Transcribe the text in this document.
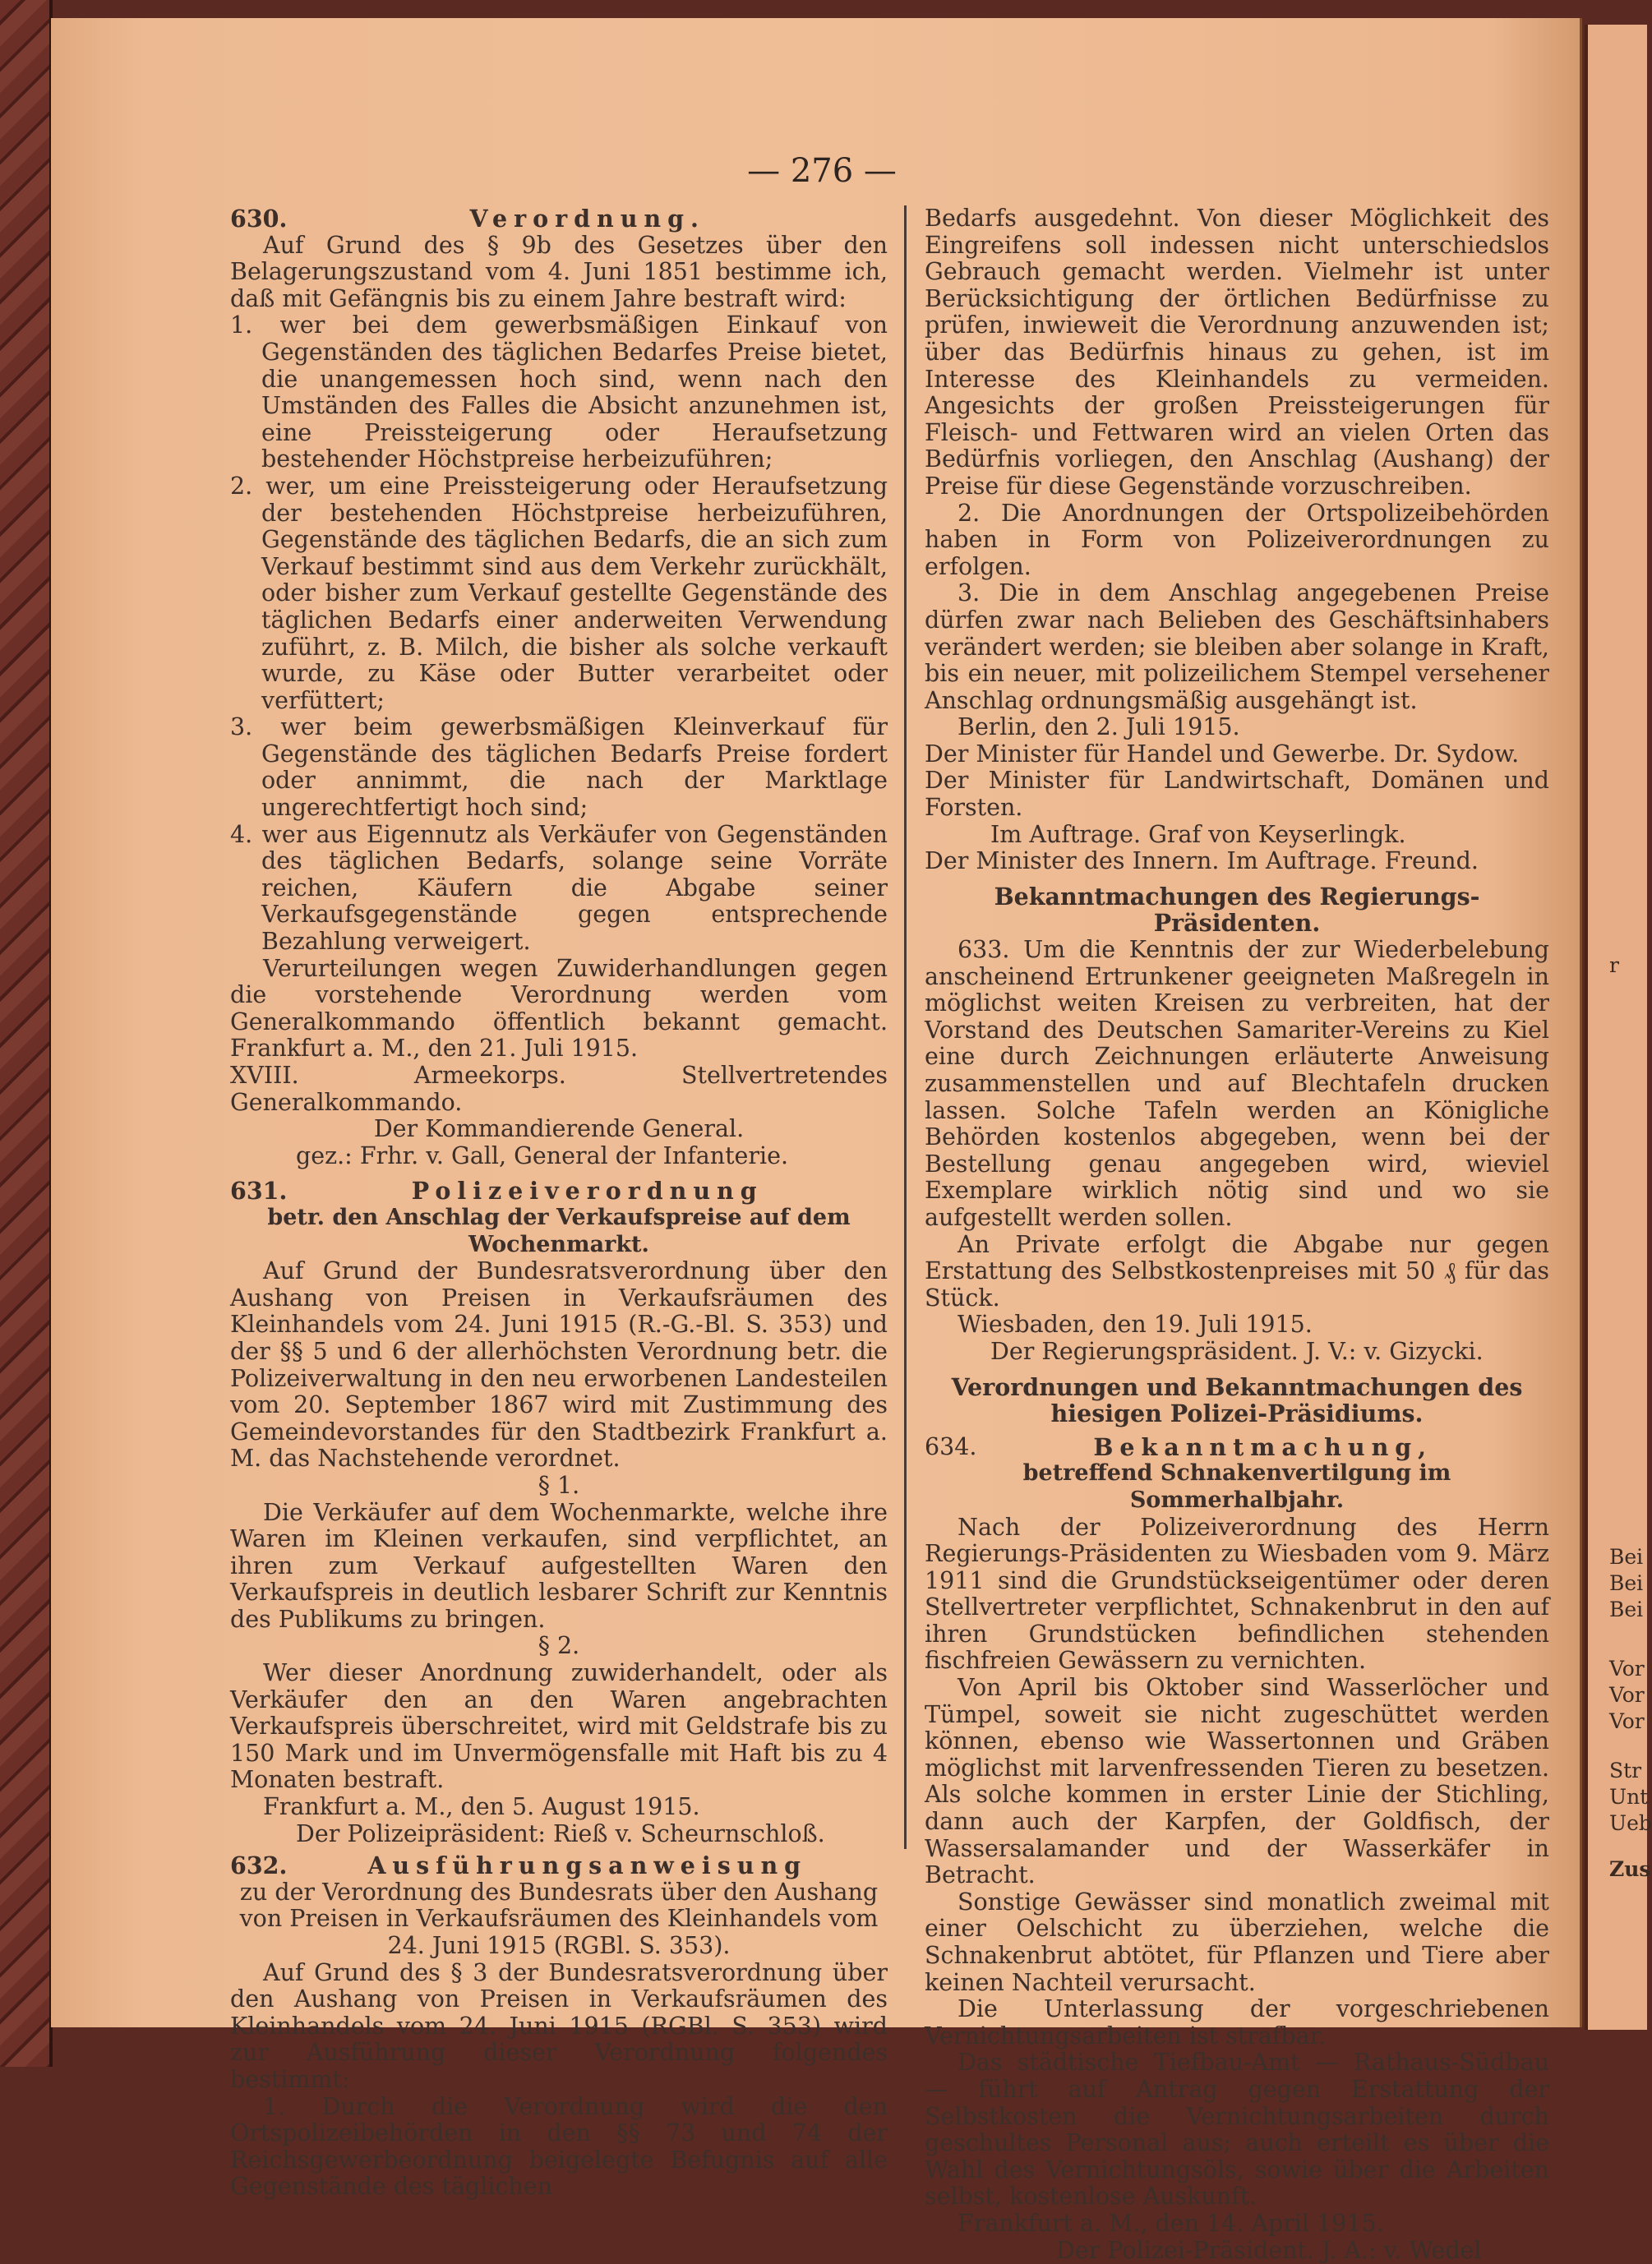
r
Bei
Bei
Bei
Vor
Vor
Vor
Str
Unt
Ueb
Zus
— 276 —

630.	Verordnung.

Auf Grund des § 9b des Gesetzes über den Belagerungszustand vom 4. Juni 1851 bestimme ich, daß mit Gefängnis bis zu einem Jahre bestraft wird:

1. wer bei dem gewerbsmäßigen Einkauf von Gegenständen des täglichen Bedarfes Preise bietet, die unangemessen hoch sind, wenn nach den Umständen des Falles die Absicht anzunehmen ist, eine Preissteigerung oder Heraufsetzung bestehender Höchstpreise herbeizuführen;

2. wer, um eine Preissteigerung oder Heraufsetzung der bestehenden Höchstpreise herbeizuführen, Gegenstände des täglichen Bedarfs, die an sich zum Verkauf bestimmt sind aus dem Verkehr zurückhält, oder bisher zum Verkauf gestellte Gegenstände des täglichen Bedarfs einer anderweiten Verwendung zuführt, z. B. Milch, die bisher als solche verkauft wurde, zu Käse oder Butter verarbeitet oder verfüttert;

3. wer beim gewerbsmäßigen Kleinverkauf für Gegenstände des täglichen Bedarfs Preise fordert oder annimmt, die nach der Marktlage ungerechtfertigt hoch sind;

4. wer aus Eigennutz als Verkäufer von Gegenständen des täglichen Bedarfs, solange seine Vorräte reichen, Käufern die Abgabe seiner Verkaufsgegenstände gegen entsprechende Bezahlung verweigert.

Verurteilungen wegen Zuwiderhandlungen gegen die vorstehende Verordnung werden vom Generalkommando öffentlich bekannt gemacht. Frankfurt a. M., den 21. Juli 1915.

XVIII. Armeekorps. Stellvertretendes Generalkommando.

Der Kommandierende General.

gez.: Frhr. v. Gall, General der Infanterie.

631.	Polizeiverordnung

betr. den Anschlag der Verkaufspreise auf dem Wochenmarkt.

Auf Grund der Bundesratsverordnung über den Aushang von Preisen in Verkaufsräumen des Kleinhandels vom 24. Juni 1915 (R.-G.-Bl. S. 353) und der §§ 5 und 6 der allerhöchsten Verordnung betr. die Polizeiverwaltung in den neu erworbenen Landesteilen vom 20. September 1867 wird mit Zustimmung des Gemeindevorstandes für den Stadtbezirk Frankfurt a. M. das Nachstehende verordnet.

§ 1.

Die Verkäufer auf dem Wochenmarkte, welche ihre Waren im Kleinen verkaufen, sind verpflichtet, an ihren zum Verkauf aufgestellten Waren den Verkaufspreis in deutlich lesbarer Schrift zur Kenntnis des Publikums zu bringen.

§ 2.

Wer dieser Anordnung zuwiderhandelt, oder als Verkäufer den an den Waren angebrachten Verkaufspreis überschreitet, wird mit Geldstrafe bis zu 150 Mark und im Unvermögensfalle mit Haft bis zu 4 Monaten bestraft.

Frankfurt a. M., den 5. August 1915.

Der Polizeipräsident: Rieß v. Scheurnschloß.

632.	Ausführungsanweisung

zu der Verordnung des Bundesrats über den Aushang von Preisen in Verkaufsräumen des Kleinhandels vom 24. Juni 1915 (RGBl. S. 353).

Auf Grund des § 3 der Bundesratsverordnung über den Aushang von Preisen in Verkaufsräumen des Kleinhandels vom 24. Juni 1915 (RGBl. S. 353) wird zur Ausführung dieser Verordnung folgendes bestimmt:

1. Durch die Verordnung wird die den Ortspolizeibehörden in den §§ 73 und 74 der Reichsgewerbeordnung beigelegte Befugnis auf alle Gegenstände des täglichen

Bedarfs ausgedehnt. Von dieser Möglichkeit des Eingreifens soll indessen nicht unterschiedslos Gebrauch gemacht werden. Vielmehr ist unter Berücksichtigung der örtlichen Bedürfnisse zu prüfen, inwieweit die Verordnung anzuwenden ist; über das Bedürfnis hinaus zu gehen, ist im Interesse des Kleinhandels zu vermeiden. Angesichts der großen Preissteigerungen für Fleisch- und Fettwaren wird an vielen Orten das Bedürfnis vorliegen, den Anschlag (Aushang) der Preise für diese Gegenstände vorzuschreiben.

2. Die Anordnungen der Ortspolizeibehörden haben in Form von Polizeiverordnungen zu erfolgen.

3. Die in dem Anschlag angegebenen Preise dürfen zwar nach Belieben des Geschäftsinhabers verändert werden; sie bleiben aber solange in Kraft, bis ein neuer, mit polizeilichem Stempel versehener Anschlag ordnungsmäßig ausgehängt ist.

Berlin, den 2. Juli 1915.

Der Minister für Handel und Gewerbe. Dr. Sydow.

Der Minister für Landwirtschaft, Domänen und Forsten.

Im Auftrage. Graf von Keyserlingk.

Der Minister des Innern. Im Auftrage. Freund.

Bekanntmachungen des Regierungs-Präsidenten.

633. Um die Kenntnis der zur Wiederbelebung anscheinend Ertrunkener geeigneten Maßregeln in möglichst weiten Kreisen zu verbreiten, hat der Vorstand des Deutschen Samariter-Vereins zu Kiel eine durch Zeichnungen erläuterte Anweisung zusammenstellen und auf Blechtafeln drucken lassen. Solche Tafeln werden an Königliche Behörden kostenlos abgegeben, wenn bei der Bestellung genau angegeben wird, wieviel Exemplare wirklich nötig sind und wo sie aufgestellt werden sollen.

An Private erfolgt die Abgabe nur gegen Erstattung des Selbstkostenpreises mit 50 ₰ für das Stück.

Wiesbaden, den 19. Juli 1915.

Der Regierungspräsident. J. V.: v. Gizycki.

Verordnungen und Bekanntmachungen des hiesigen Polizei-Präsidiums.

634.	Bekanntmachung,

betreffend Schnakenvertilgung im Sommerhalbjahr.

Nach der Polizeiverordnung des Herrn Regierungs-Präsidenten zu Wiesbaden vom 9. März 1911 sind die Grundstückseigentümer oder deren Stellvertreter verpflichtet, Schnakenbrut in den auf ihren Grundstücken befindlichen stehenden fischfreien Gewässern zu vernichten.

Von April bis Oktober sind Wasserlöcher und Tümpel, soweit sie nicht zugeschüttet werden können, ebenso wie Wassertonnen und Gräben möglichst mit larvenfressenden Tieren zu besetzen. Als solche kommen in erster Linie der Stichling, dann auch der Karpfen, der Goldfisch, der Wassersalamander und der Wasserkäfer in Betracht.

Sonstige Gewässer sind monatlich zweimal mit einer Oelschicht zu überziehen, welche die Schnakenbrut abtötet, für Pflanzen und Tiere aber keinen Nachteil verursacht.

Die Unterlassung der vorgeschriebenen Vernichtungsarbeiten ist strafbar.

Das städtische Tiefbau-Amt — Rathaus-Südbau — führt auf Antrag gegen Erstattung der Selbstkosten die Vernichtungsarbeiten durch geschultes Personal aus; auch erteilt es über die Wahl des Vernichtungsöls, sowie über die Arbeiten selbst, kostenlose Auskunft.

Frankfurt a. M., den 14. April 1915.

Der Polizei-Präsident. J. A.: v. Wedel
